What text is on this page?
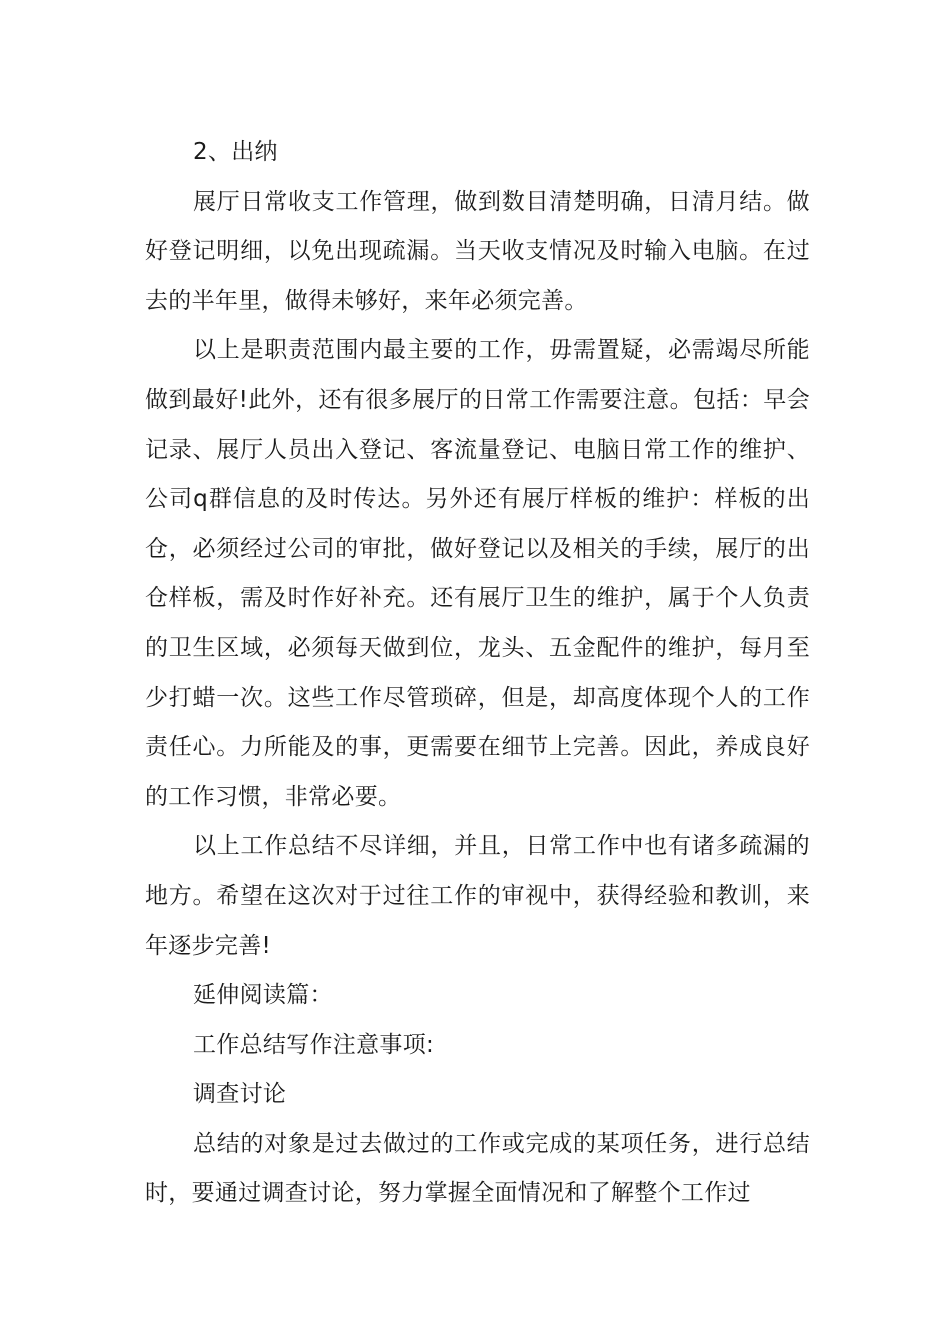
2、出纳

展厅日常收支工作管理，做到数目清楚明确，日清月结。做好登记明细，以免出现疏漏。当天收支情况及时输入电脑。在过去的半年里，做得未够好，来年必须完善。

以上是职责范围内最主要的工作，毋需置疑，必需竭尽所能做到最好!此外，还有很多展厅的日常工作需要注意。包括：早会记录、展厅人员出入登记、客流量登记、电脑日常工作的维护、公司q群信息的及时传达。另外还有展厅样板的维护：样板的出仓，必须经过公司的审批，做好登记以及相关的手续，展厅的出仓样板，需及时作好补充。还有展厅卫生的维护，属于个人负责的卫生区域，必须每天做到位，龙头、五金配件的维护，每月至少打蜡一次。这些工作尽管琐碎，但是，却高度体现个人的工作责任心。力所能及的事，更需要在细节上完善。因此，养成良好的工作习惯，非常必要。

以上工作总结不尽详细，并且，日常工作中也有诸多疏漏的地方。希望在这次对于过往工作的审视中，获得经验和教训，来年逐步完善!

延伸阅读篇：

工作总结写作注意事项:

调查讨论

总结的对象是过去做过的工作或完成的某项任务，进行总结时，要通过调查讨论，努力掌握全面情况和了解整个工作过
